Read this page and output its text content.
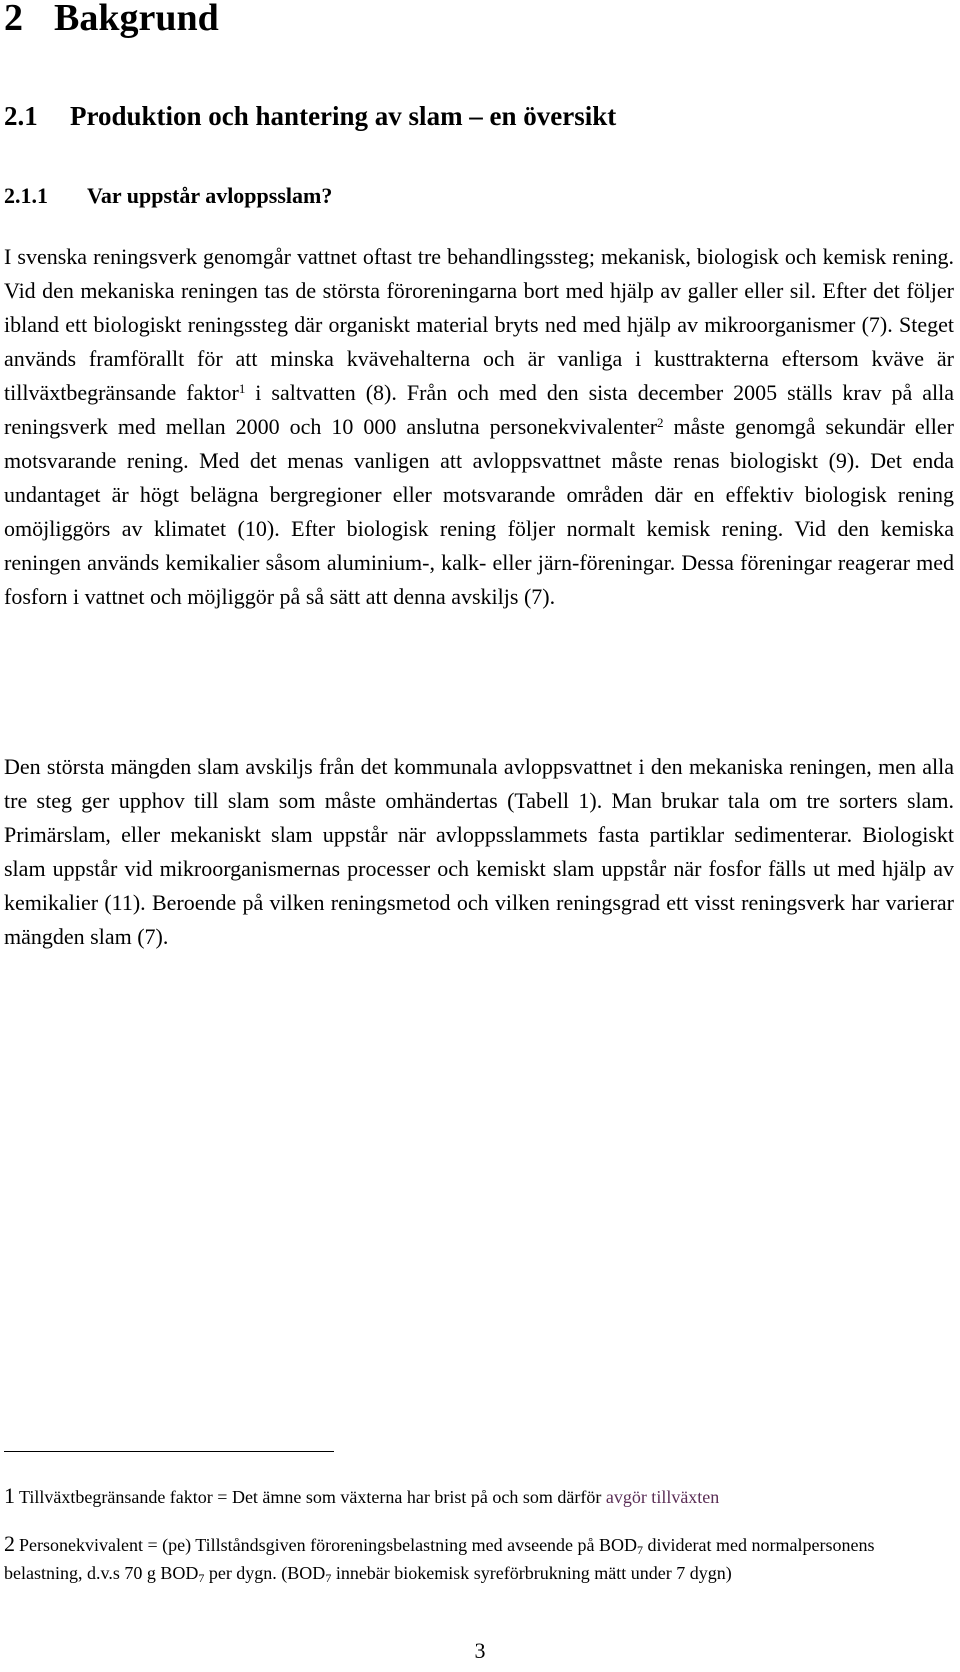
2 Bakgrund
2.1 Produktion och hantering av slam – en översikt
2.1.1 Var uppstår avloppsslam?

I svenska reningsverk genomgår vattnet oftast tre behandlingssteg; mekanisk, biologisk och kemisk rening. Vid den mekaniska reningen tas de största föroreningarna bort med hjälp av galler eller sil. Efter det följer ibland ett biologiskt reningssteg där organiskt material bryts ned med hjälp av mikroorganismer (7). Steget används framförallt för att minska kvävehalterna och är vanliga i kusttrakterna eftersom kväve är tillväxtbegränsande faktor$^1$ i saltvatten (8). Från och med den sista december 2005 ställs krav på alla reningsverk med mellan 2000 och 10 000 anslutna personekvivalenter$^2$ måste genomgå sekundär eller motsvarande rening. Med det menas vanligen att avloppsvattnet måste renas biologiskt (9). Det enda undantaget är högt belägna bergregioner eller motsvarande områden där en effektiv biologisk rening omöjliggörs av klimatet (10). Efter biologisk rening följer normalt kemisk rening. Vid den kemiska reningen används kemikalier såsom aluminium-, kalk- eller järn-föreningar. Dessa föreningar reagerar med fosforn i vattnet och möjliggör på så sätt att denna avskiljs (7).

Den största mängden slam avskiljs från det kommunala avloppsvattnet i den mekaniska reningen, men alla tre steg ger upphov till slam som måste omhändertas (Tabell 1). Man brukar tala om tre sorters slam. Primärslam, eller mekaniskt slam uppstår när avloppsslammets fasta partiklar sedimenterar. Biologiskt slam uppstår vid mikroorganismernas processer och kemiskt slam uppstår när fosfor fälls ut med hjälp av kemikalier (11). Beroende på vilken reningsmetod och vilken reningsgrad ett visst reningsverk har varierar mängden slam (7).

1 Tillväxtbegränsande faktor = Det ämne som växterna har brist på och som därför avgör tillväxten

2 Personekvivalent = (pe) Tillståndsgiven föroreningsbelastning med avseende på $BOD_7$ dividerat med normalpersonens belastning, d.v.s 70 g $BOD_7$ per dygn. ($BOD_7$ innebär biokemisk syreförbrukning mätt under 7 dygn)

3
